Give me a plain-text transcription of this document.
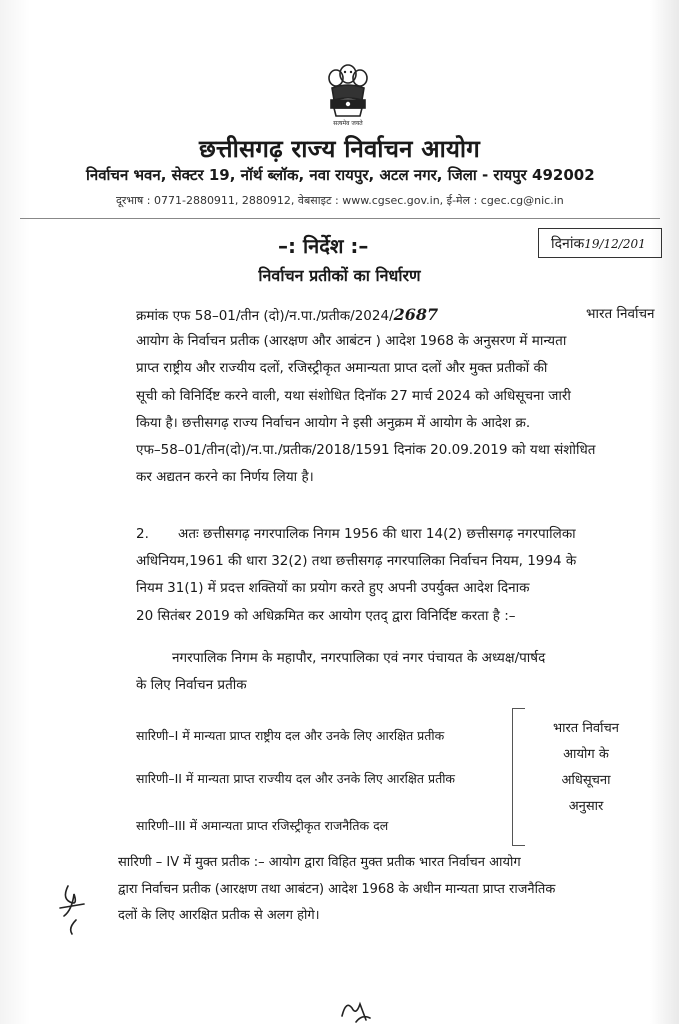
सत्यमेव जयते
छत्तीसगढ़ राज्य निर्वाचन आयोग
निर्वाचन भवन, सेक्टर 19, नॉर्थ ब्लॉक, नवा रायपुर, अटल नगर, जिला - रायपुर 492002
दूरभाष : 0771-2880911, 2880912, वेबसाइट : www.cgsec.gov.in, ई-मेल : cgec.cg@nic.in
–: निर्देश :–	दिनांक19/12/201
निर्वाचन प्रतीकों का निर्धारण
क्रमांक एफ 58–01/तीन (दो)/न.पा./प्रतीक/2024/2687	भारत निर्वाचन
आयोग के निर्वाचन प्रतीक (आरक्षण और आबंटन ) आदेश 1968 के अनुसरण में मान्यता
प्राप्त राष्ट्रीय और राज्यीय दलों, रजिस्ट्रीकृत अमान्यता प्राप्त दलों और मुक्त प्रतीकों की
सूची को विनिर्दिष्ट करने वाली, यथा संशोधित दिनॉक 27 मार्च 2024 को अधिसूचना जारी
किया है। छत्तीसगढ़ राज्य निर्वाचन आयोग ने इसी अनुक्रम में आयोग के आदेश क्र.
एफ–58–01/तीन(दो)/न.पा./प्रतीक/2018/1591 दिनांक 20.09.2019 को यथा संशोधित
कर अद्यतन करने का निर्णय लिया है।
2. अतः छत्तीसगढ़ नगरपालिक निगम 1956 की धारा 14(2) छत्तीसगढ़ नगरपालिका
अधिनियम,1961 की धारा 32(2) तथा छत्तीसगढ़ नगरपालिका निर्वाचन नियम, 1994 के
नियम 31(1) में प्रदत्त शक्तियों का प्रयोग करते हुए अपनी उपर्युक्त आदेश दिनाक
20 सितंबर 2019 को अधिक्रमित कर आयोग एतद् द्वारा विनिर्दिष्ट करता है :–
नगरपालिक निगम के महापौर, नगरपालिका एवं नगर पंचायत के अध्यक्ष/पार्षद
के लिए निर्वाचन प्रतीक
सारिणी–I में मान्यता प्राप्त राष्ट्रीय दल और उनके लिए आरक्षित प्रतीक
सारिणी–II में मान्यता प्राप्त राज्यीय दल और उनके लिए आरक्षित प्रतीक
सारिणी–III में अमान्यता प्राप्त रजिस्ट्रीकृत राजनैतिक दल
भारत निर्वाचन
आयोग के
अधिसूचना
अनुसार
सारिणी – IV में मुक्त प्रतीक :– आयोग द्वारा विहित मुक्त प्रतीक भारत निर्वाचन आयोग
द्वारा निर्वाचन प्रतीक (आरक्षण तथा आबंटन) आदेश 1968 के अधीन मान्यता प्राप्त राजनैतिक
दलों के लिए आरक्षित प्रतीक से अलग होगे।
